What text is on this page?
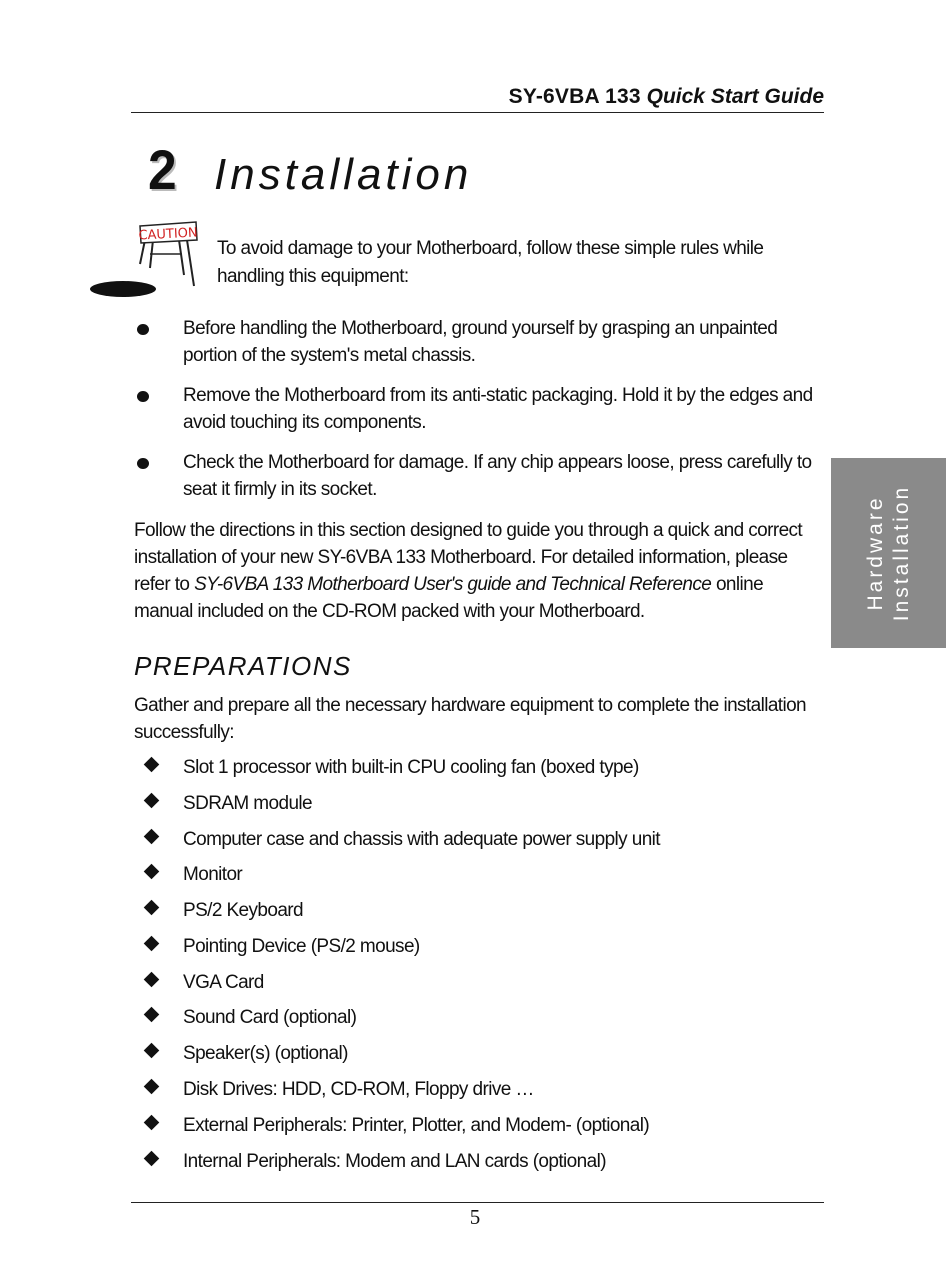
SY-6VBA 133 Quick Start Guide
2 Installation
CAUTION
To avoid damage to your Motherboard, follow these simple rules while handling this equipment:
Before handling the Motherboard, ground yourself by grasping an unpainted portion of the system's metal chassis.
Remove the Motherboard from its anti-static packaging. Hold it by the edges and avoid touching its components.
Check the Motherboard for damage. If any chip appears loose, press carefully to seat it firmly in its socket.
Follow the directions in this section designed to guide you through a quick and correct installation of your new SY-6VBA 133 Motherboard. For detailed information, please refer to SY-6VBA 133 Motherboard User's guide and Technical Reference online manual included on the CD-ROM packed with your Motherboard.
PREPARATIONS
Gather and prepare all the necessary hardware equipment to complete the installation successfully:
Slot 1 processor with built-in CPU cooling fan (boxed type)
SDRAM module
Computer case and chassis with adequate power supply unit
Monitor
PS/2 Keyboard
Pointing Device (PS/2 mouse)
VGA Card
Sound Card (optional)
Speaker(s) (optional)
Disk Drives: HDD, CD-ROM, Floppy drive …
External Peripherals: Printer, Plotter, and Modem- (optional)
Internal Peripherals: Modem and LAN cards (optional)
Hardware Installation
5
